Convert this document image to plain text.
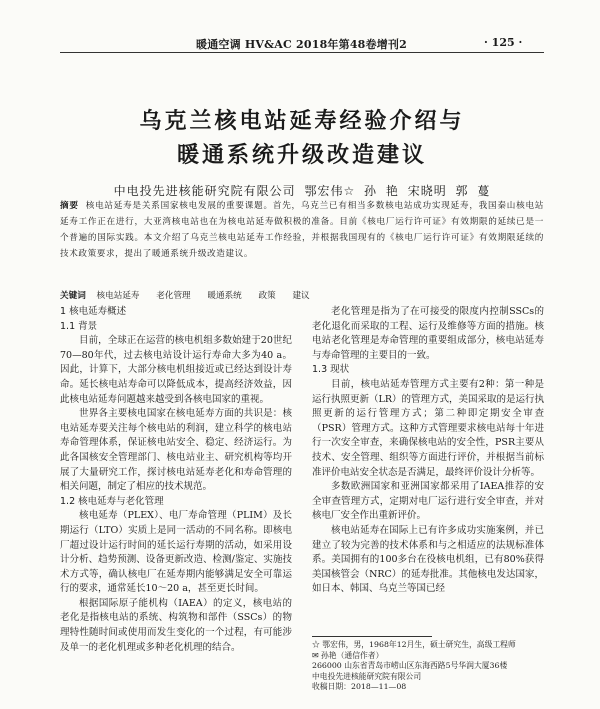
暖通空调 HV&AC 2018年第48卷增刊2	· 125 ·
乌克兰核电站延寿经验介绍与
暖通系统升级改造建议
中电投先进核能研究院有限公司 鄂宏伟☆ 孙 艳 宋晓明 郭 蔓
摘要 核电站延寿是关系国家核电发展的重要课题。首先，乌克兰已有相当多数核电站成功实现延寿，我国秦山核电站延寿工作正在进行，大亚湾核电站也在为核电站延寿做积极的准备。目前《核电厂运行许可证》有效期限的延续已是一个普遍的国际实践。本文介绍了乌克兰核电站延寿工作经验，并根据我国现有的《核电厂运行许可证》有效期限延续的技术政策要求，提出了暖通系统升级改造建议。
关键词 核电站延寿 老化管理 暖通系统 政策 建议
1 核电延寿概述
1.1 背景

目前，全球正在运营的核电机组多数始建于20世纪70—80年代，过去核电站设计运行寿命大多为40 a。因此，计算下，大部分核电机组接近或已经达到设计寿命。延长核电站寿命可以降低成本，提高经济效益，因此核电站延寿问题越来越受到各核电国家的重视。

世界各主要核电国家在核电延寿方面的共识是：核电站延寿要关注每个核电站的利润，建立科学的核电站寿命管理体系，保证核电站安全、稳定、经济运行。为此各国核安全管理部门、核电站业主、研究机构等均开展了大量研究工作，探讨核电站延寿老化和寿命管理的相关问题，制定了相应的技术规范。

1.2 核电延寿与老化管理

核电延寿（PLEX）、电厂寿命管理（PLIM）及长期运行（LTO）实质上是同一活动的不同名称。即核电厂超过设计运行时间的延长运行寿期的活动，如采用设计分析、趋势预测、设备更新改造、检测/鉴定、实施技术方式等，确认核电厂在延寿期内能够满足安全可靠运行的要求，通常延长10～20 a，甚至更长时间。

根据国际原子能机构（IAEA）的定义，核电站的老化是指核电站的系统、构筑物和部件（SSCs）的物理特性随时间或使用而发生变化的一个过程，有可能涉及单一的老化机理或多种老化机理的结合。

老化管理是指为了在可接受的限度内控制SSCs的老化退化而采取的工程、运行及维修等方面的措施。核电站老化管理是寿命管理的重要组成部分，核电站延寿与寿命管理的主要目的一致。

1.3 现状

目前，核电站延寿管理方式主要有2种：第一种是运行执照更新（LR）的管理方式，美国采取的是运行执照更新的运行管理方式；第二种即定期安全审查（PSR）管理方式。这种方式管理要求核电站每十年进行一次安全审查，来确保核电站的安全性，PSR主要从技术、安全管理、组织等方面进行评价，并根据当前标准评价电站安全状态是否满足，最终评价设计分析等。

多数欧洲国家和亚洲国家都采用了IAEA推荐的安全审查管理方式，定期对电厂运行进行安全审查，并对核电厂安全作出重新评价。

核电站延寿在国际上已有许多成功实施案例，并已建立了较为完善的技术体系和与之相适应的法规标准体系。美国拥有的100多台在役核电机组，已有80%获得美国核管会（NRC）的延寿批准。其他核电发达国家，如日本、韩国、乌克兰等国已经

☆ 鄂宏伟，男，1968年12月生，硕士研究生，高级工程师
✉ 孙艳（通信作者）
266000 山东省青岛市崂山区东海西路5号华润大厦36楼
中电投先进核能研究院有限公司
收稿日期：2018—11—08
